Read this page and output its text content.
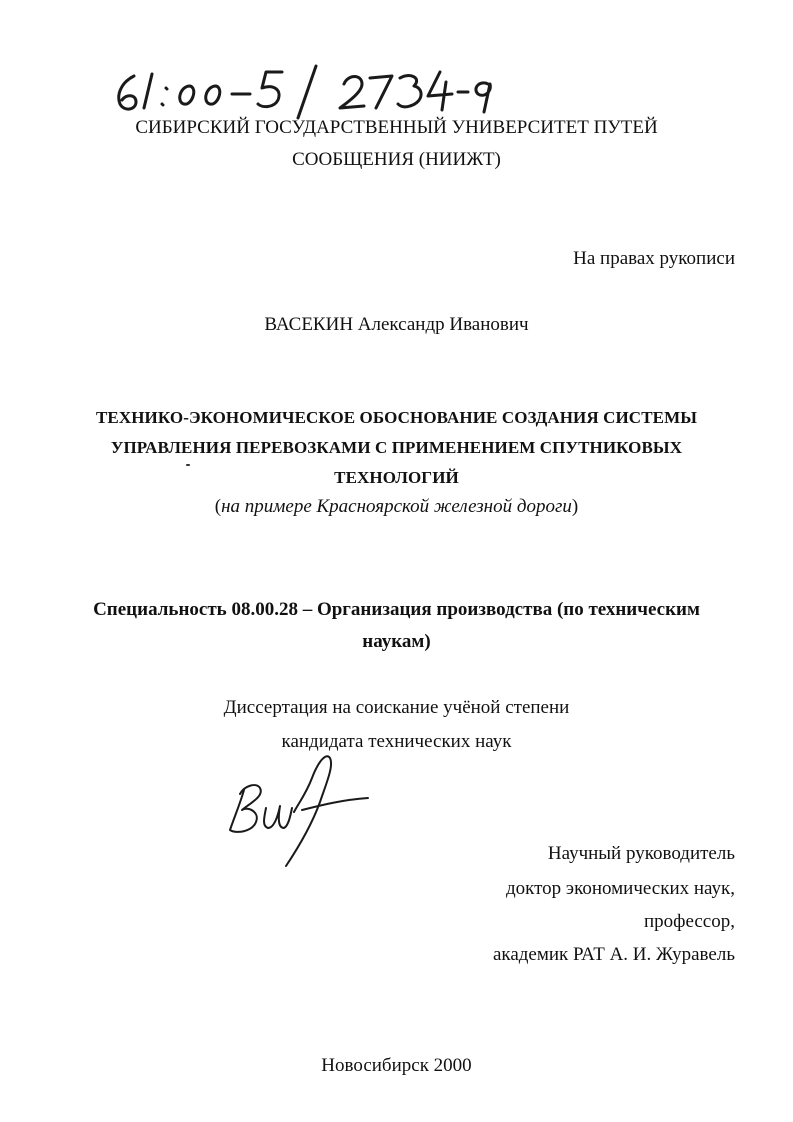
СИБИРСКИЙ ГОСУДАРСТВЕННЫЙ УНИВЕРСИТЕТ ПУТЕЙ
СООБЩЕНИЯ (НИИЖТ)
На правах рукописи
ВАСЕКИН Александр Иванович
ТЕХНИКО-ЭКОНОМИЧЕСКОЕ ОБОСНОВАНИЕ СОЗДАНИЯ СИСТЕМЫ
УПРАВЛЕНИЯ ПЕРЕВОЗКАМИ С ПРИМЕНЕНИЕМ СПУТНИКОВЫХ
ТЕХНОЛОГИЙ
(на примере Красноярской железной дороги)
Специальность 08.00.28 – Организация производства (по техническим
наукам)
Диссертация на соискание учёной степени
кандидата технических наук
Научный руководитель
доктор экономических наук,
профессор,
академик РАТ А. И. Журавель
Новосибирск 2000
